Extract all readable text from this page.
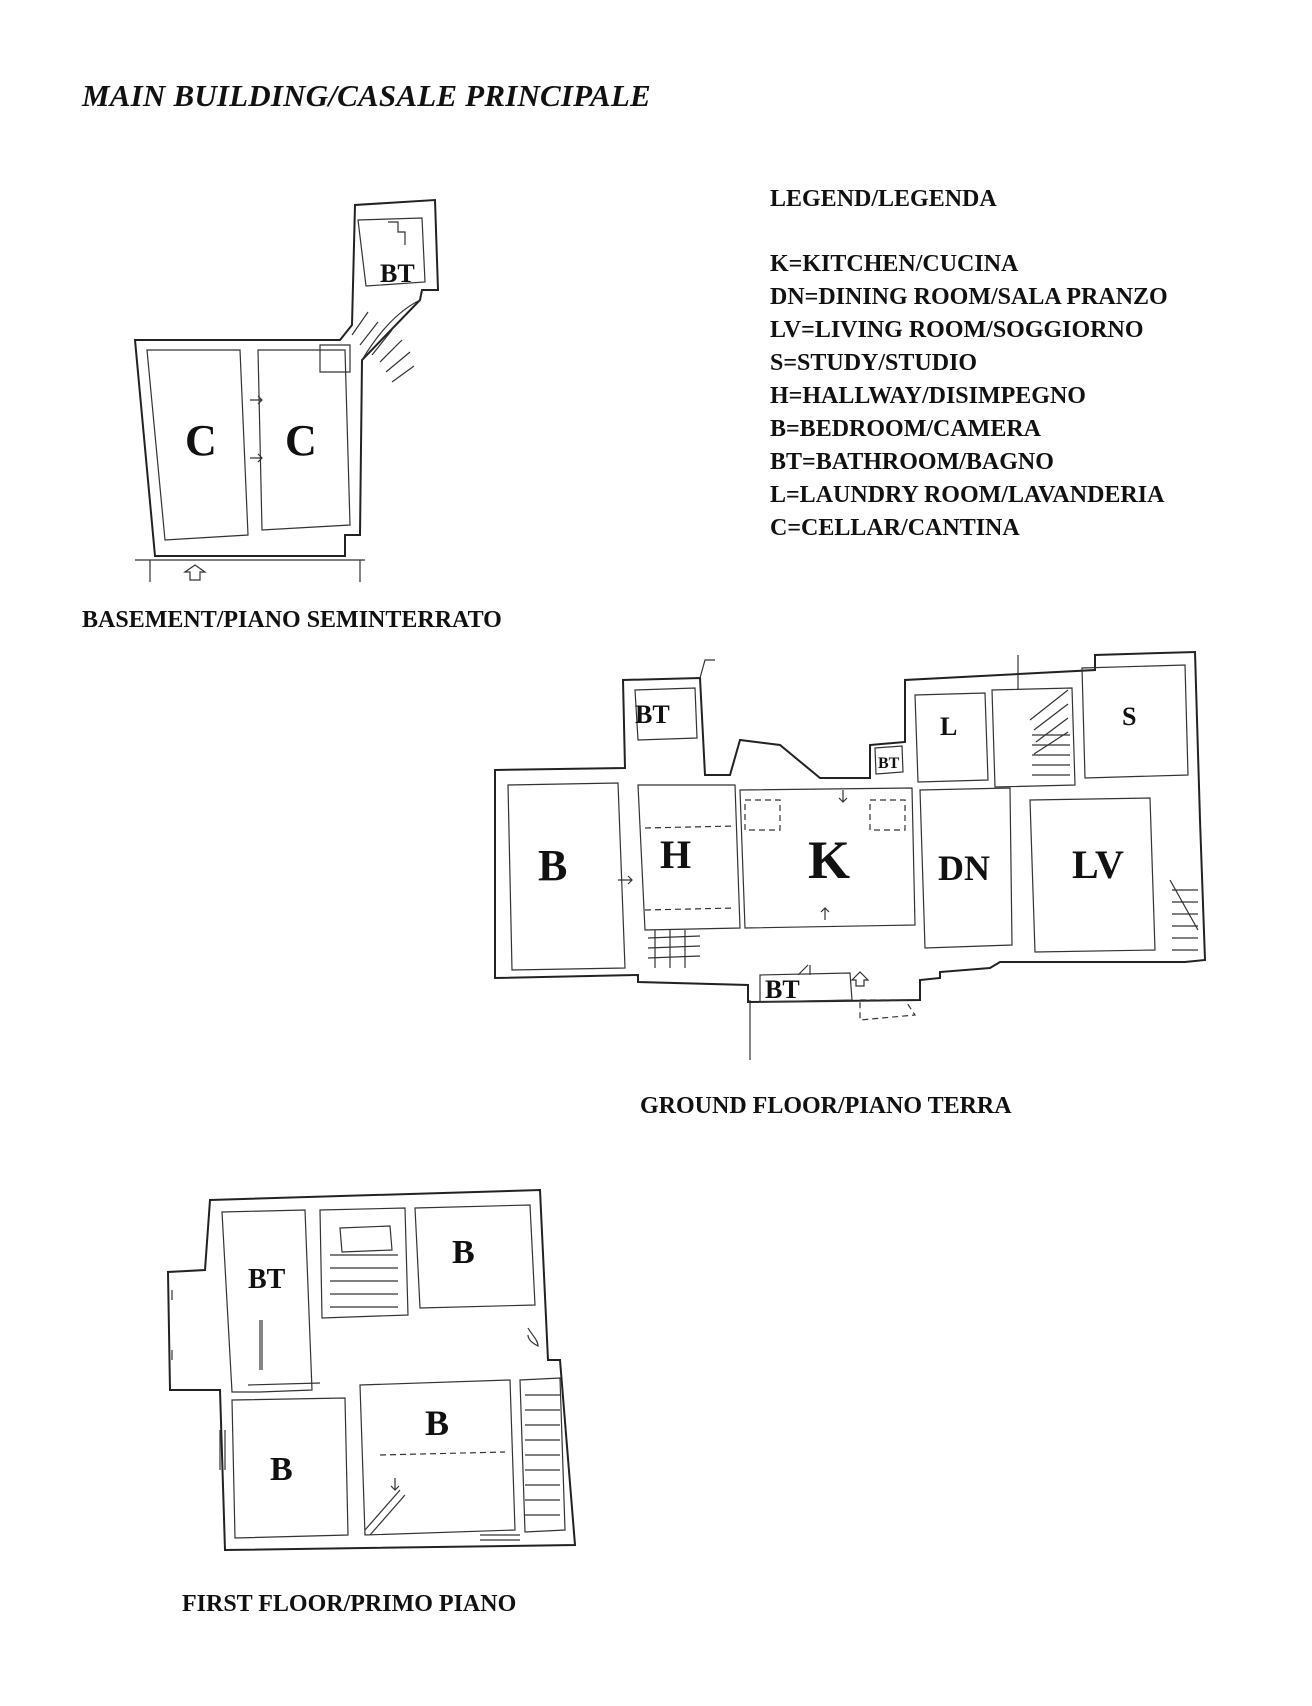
MAIN BUILDING/CASALE PRINCIPALE
LEGEND/LEGENDA
K=KITCHEN/CUCINA
DN=DINING ROOM/SALA PRANZO
LV=LIVING ROOM/SOGGIORNO
S=STUDY/STUDIO
H=HALLWAY/DISIMPEGNO
B=BEDROOM/CAMERA
BT=BATHROOM/BAGNO
L=LAUNDRY ROOM/LAVANDERIA
C=CELLAR/CANTINA
BASEMENT/PIANO SEMINTERRATO
GROUND FLOOR/PIANO TERRA
FIRST FLOOR/PRIMO PIANO
BT
C C
BT	L	S
BT
B H K DN LV
BT
BT
B
B
B
